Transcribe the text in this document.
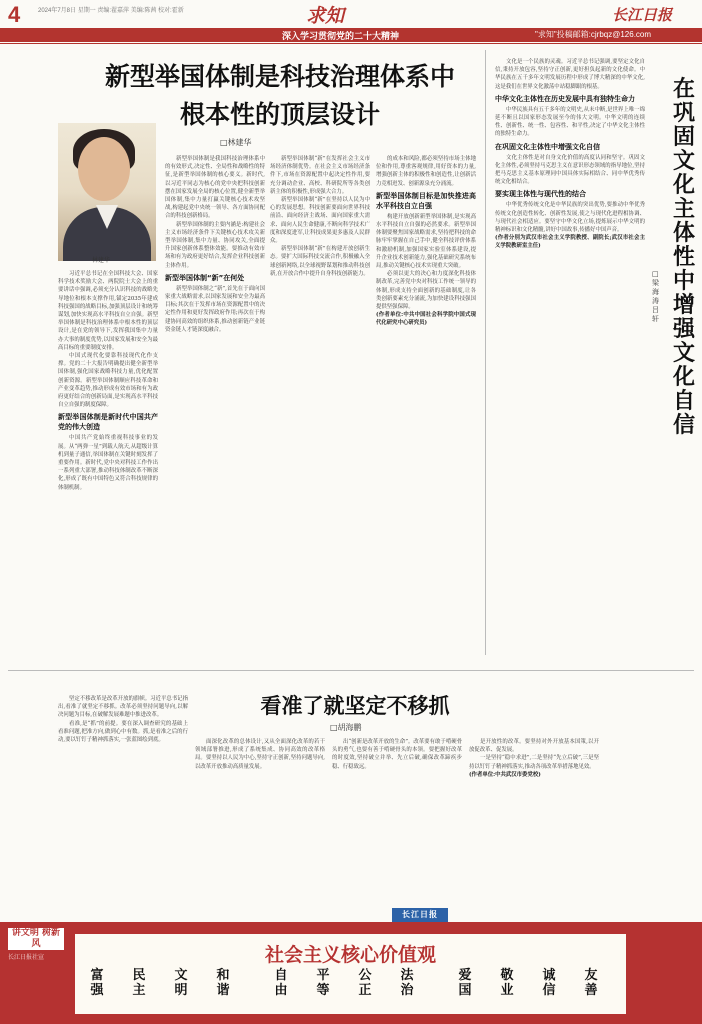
4	2024年7月8日 星期一 责编:翟嘉萍 美编:陈茜 校对:霍新	求知	长江日报
深入学习贯彻党的二十大精神	"求知"投稿邮箱:cjrbqz@126.com
新型举国体制是科技治理体系中
根本性的顶层设计
□林建华
林建华

习近平总书记在全国科技大会、国家科学技术奖励大会、两院院士大会上的重要讲话中强调,必须充分认识科技的战略先导地位和根本支撑作用,锚定2035年建成科技强国的战略目标,加强顶层设计和统筹谋划,加快实现高水平科技自立自强。新型举国体制是科技治理体系中根本性的顶层设计,是在党的领导下,发挥我国集中力量办大事的制度优势,以国家发展和安全为最高目标的重要制度安排。

中国式现代化要靠科技现代化作支撑。党的二十大报告明确提出健全新型举国体制,强化国家战略科技力量,优化配置创新资源。新型举国体制顺应科技革命和产业变革趋势,推动形成有效市场和有为政府更好结合的创新局面,是实现高水平科技自立自强的制度保障。

新型举国体制是新时代中国共产党的伟大创造

中国共产党始终重视科技事业的发展。从“两弹一星”到载人航天,从超级计算机到量子通信,举国体制在关键时刻发挥了重要作用。新时代,党中央对科技工作作出一系列重大部署,推动科技体制改革不断深化,形成了既有中国特色又符合科技规律的体制机制。

新型举国体制是我国科技治理体系中的有效形式,决定性、全局性和战略性的特征,是新型举国体制的核心要义。新时代,以习近平同志为核心的党中央把科技创新摆在国家发展全局的核心位置,健全新型举国体制,集中力量打赢关键核心技术攻坚战,构建起党中央统一领导、各方面协同配合的科技创新格局。

新型举国体制的主要内涵是:构建社会主义市场经济条件下关键核心技术攻关新型举国体制,集中力量、协同攻关,全面提升国家创新体系整体效能。要推动有效市场和有为政府更好结合,发挥企业科技创新主体作用。

新型举国体制“新”在何处

新型举国体制之“新”,首先在于面向国家重大战略需求,以国家发展和安全为最高目标;其次在于发挥市场在资源配置中的决定性作用和更好发挥政府作用;再次在于构建协同高效的组织体系,推动创新链产业链资金链人才链深度融合。

新型举国体制“新”在发挥社会主义市场经济体制优势。在社会主义市场经济条件下,市场在资源配置中起决定性作用,要充分调动企业、高校、科研院所等各类创新主体的积极性,形成强大合力。

新型举国体制“新”在坚持以人民为中心的发展思想。科技创新要面向世界科技前沿、面向经济主战场、面向国家重大需求、面向人民生命健康,不断向科学技术广度和深度进军,让科技成果更多惠及人民群众。

新型举国体制“新”在构建开放创新生态。要扩大国际科技交流合作,积极融入全球创新网络,以全球视野谋划和推动科技创新,在开放合作中提升自身科技创新能力。

的成本和风险,都必须坚持市场主体地位和作用,尊重客观规律,用好资本的力量,增强创新主体的积极性和创造性,让创新活力竞相迸发、创新源泉充分涌流。

新型举国体制目标是加快推进高水平科技自立自强

构建开放创新新型举国体制,是实现高水平科技自立自强的必然要求。新型举国体制要聚焦国家战略需求,坚持把科技的命脉牢牢掌握在自己手中,健全科技评价体系和激励机制,加强国家实验室体系建设,提升企业技术创新能力,强化基础研究系统布局,推动关键核心技术实现重大突破。

必须以更大的决心和力度深化科技体制改革,完善党中央对科技工作统一领导的体制,形成支持全面创新的基础制度,让各类创新要素充分涌流,为加快建设科技强国提供坚强保障。

(作者单位:中共中国社会科学院中国式现代化研究中心研究员)

文化是一个民族的灵魂。习近平总书记强调,要坚定文化自信,秉持开放包容,坚持守正创新,更好担负起新的文化使命。中华民族在五千多年文明发展历程中形成了博大精深的中华文化,这是我们在世界文化激荡中站稳脚跟的根基。

中华文化主体性在历史发展中具有独特生命力

中华民族具有五千多年的文明史,从未中断,是世界上唯一绵延不断且以国家形态发展至今的伟大文明。中华文明的连续性、创新性、统一性、包容性、和平性,决定了中华文化主体性的独特生命力。

在巩固文化主体性中增强文化自信

文化主体性是对自身文化价值的高度认同和坚守。巩固文化主体性,必须坚持马克思主义在意识形态领域的指导地位,坚持把马克思主义基本原理同中国具体实际相结合、同中华优秀传统文化相结合。

要实现主体性与现代性的结合

中华优秀传统文化是中华民族的突出优势,要推动中华优秀传统文化创造性转化、创新性发展,使之与现代化进程相协调、与现代社会相适应。要坚守中华文化立场,提炼展示中华文明的精神标识和文化精髓,讲好中国故事,传播好中国声音。

(作者分别为武汉市社会主义学院教授、副院长;武汉市社会主义学院教研室主任)

在巩固文化主体性中增强文化自信
□梁海涛 吕轩
看准了就坚定不移抓
□胡海鹏

坚定不移改革是改革开放的旗帜。习近平总书记指出,看准了就坚定不移抓。改革必须坚持问题导向,以解决问题为目标,在破解发展难题中推进改革。

看准,是“抓”的前提。要在深入调查研究的基础上看准问题,把准方向,做到心中有数。抓,是看准之后的行动,要以钉钉子精神抓落实,一张蓝图绘到底。	面深化改革的总体设计,又从全面深化改革的若干领域部署推进,形成了系统集成、协同高效的改革格局。要坚持以人民为中心,坚持守正创新,坚持问题导向,以改革开放推动高质量发展。

出“创新是改革开放的生命”。改革要有敢于啃硬骨头的勇气,也要有善于啃硬骨头的本领。要把握好改革的时度效,坚持破立并举、先立后破,确保改革蹄疾步稳、行稳致远。

是开放性的改革。要坚持对外开放基本国策,以开放促改革、促发展。

一是坚持“稳中求进”,二是坚持“先立后破”,三是坚持以钉钉子精神抓落实,推动各项改革举措落地见效。

(作者单位:中共武汉市委党校)

长江日报
讲文明 树新风
长江日报社宣	社会主义核心价值观
富强
民主
文明
和谐
自由
平等
公正
法治
爱国
敬业
诚信
友善
